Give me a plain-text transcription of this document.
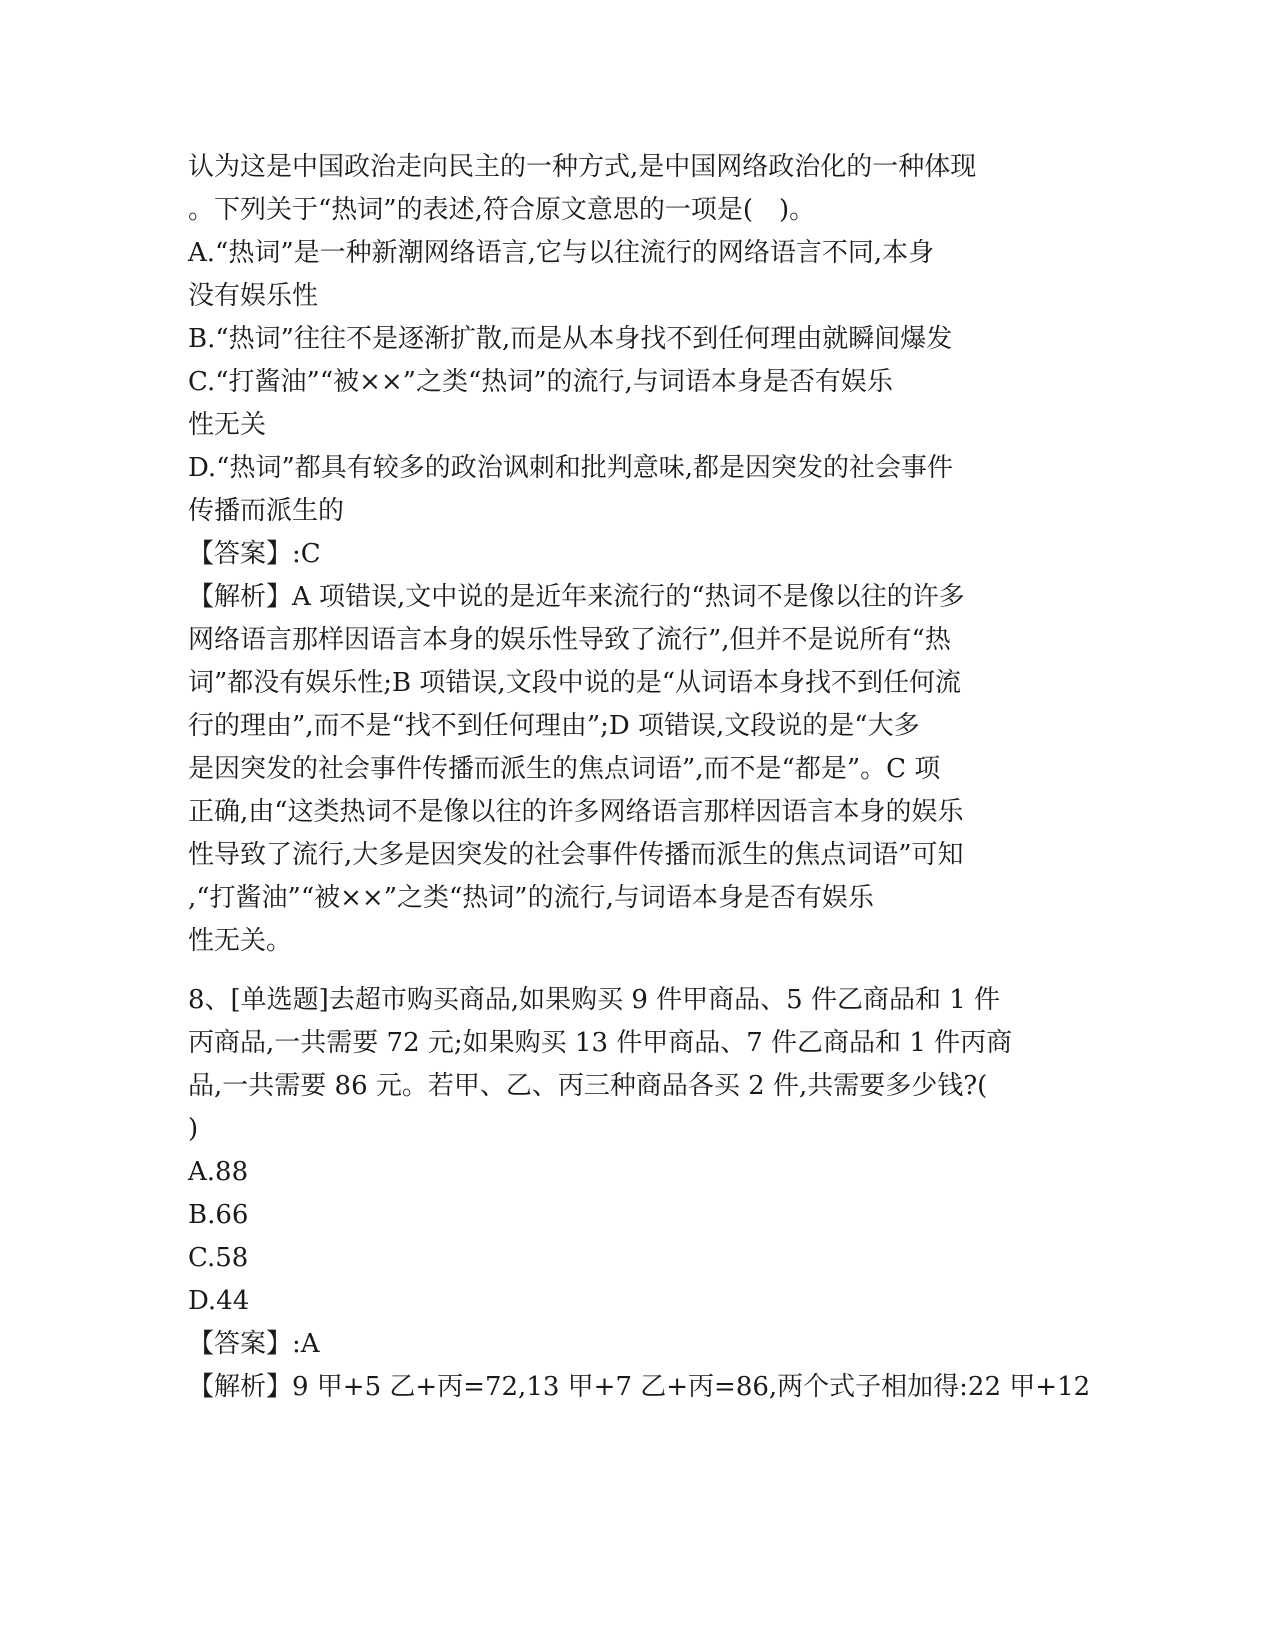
认为这是中国政治走向民主的一种方式,是中国网络政治化的一种体现
。下列关于“热词”的表述,符合原文意思的一项是(　)。
A.“热词”是一种新潮网络语言,它与以往流行的网络语言不同,本身
没有娱乐性
B.“热词”往往不是逐渐扩散,而是从本身找不到任何理由就瞬间爆发
C.“打酱油”“被××”之类“热词”的流行,与词语本身是否有娱乐
性无关
D.“热词”都具有较多的政治讽刺和批判意味,都是因突发的社会事件
传播而派生的
【答案】:C
【解析】A 项错误,文中说的是近年来流行的“热词不是像以往的许多
网络语言那样因语言本身的娱乐性导致了流行”,但并不是说所有“热
词”都没有娱乐性;B 项错误,文段中说的是“从词语本身找不到任何流
行的理由”,而不是“找不到任何理由”;D 项错误,文段说的是“大多
是因突发的社会事件传播而派生的焦点词语”,而不是“都是”。C 项
正确,由“这类热词不是像以往的许多网络语言那样因语言本身的娱乐
性导致了流行,大多是因突发的社会事件传播而派生的焦点词语”可知
,“打酱油”“被××”之类“热词”的流行,与词语本身是否有娱乐
性无关。
8、[单选题]去超市购买商品,如果购买 9 件甲商品、5 件乙商品和 1 件
丙商品,一共需要 72 元;如果购买 13 件甲商品、7 件乙商品和 1 件丙商
品,一共需要 86 元。若甲、乙、丙三种商品各买 2 件,共需要多少钱?(
)
A.88
B.66
C.58
D.44
【答案】:A
【解析】9 甲+5 乙+丙=72,13 甲+7 乙+丙=86,两个式子相加得:22 甲+12
